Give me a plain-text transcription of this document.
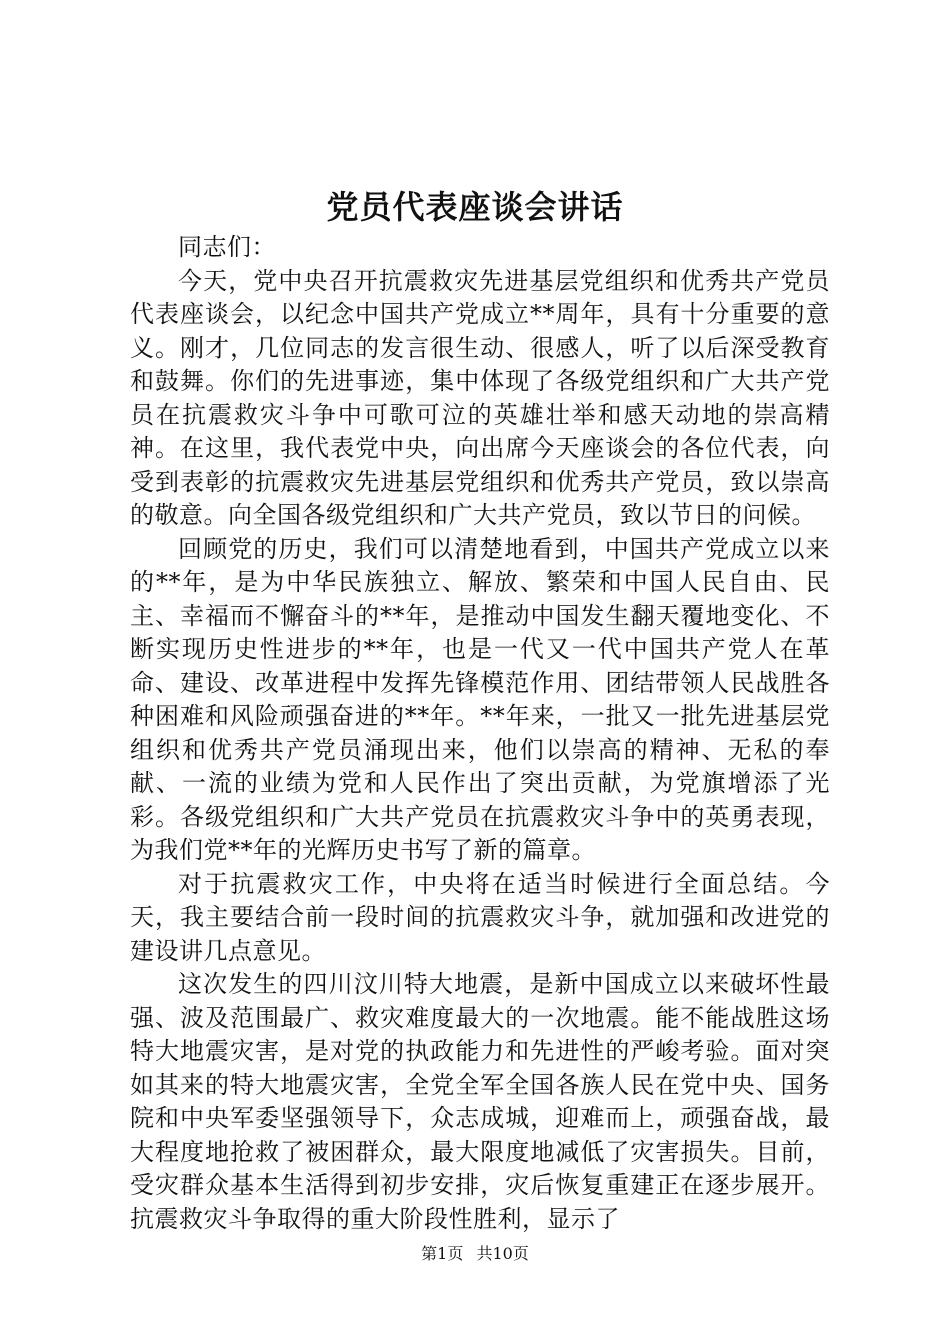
党员代表座谈会讲话

同志们：

今天，党中央召开抗震救灾先进基层党组织和优秀共产党员代表座谈会，以纪念中国共产党成立**周年，具有十分重要的意义。刚才，几位同志的发言很生动、很感人，听了以后深受教育和鼓舞。你们的先进事迹，集中体现了各级党组织和广大共产党员在抗震救灾斗争中可歌可泣的英雄壮举和感天动地的崇高精神。在这里，我代表党中央，向出席今天座谈会的各位代表，向受到表彰的抗震救灾先进基层党组织和优秀共产党员，致以崇高的敬意。向全国各级党组织和广大共产党员，致以节日的问候。

回顾党的历史，我们可以清楚地看到，中国共产党成立以来的**年，是为中华民族独立、解放、繁荣和中国人民自由、民主、幸福而不懈奋斗的**年，是推动中国发生翻天覆地变化、不断实现历史性进步的**年，也是一代又一代中国共产党人在革命、建设、改革进程中发挥先锋模范作用、团结带领人民战胜各种困难和风险顽强奋进的**年。**年来，一批又一批先进基层党组织和优秀共产党员涌现出来，他们以崇高的精神、无私的奉献、一流的业绩为党和人民作出了突出贡献，为党旗增添了光彩。各级党组织和广大共产党员在抗震救灾斗争中的英勇表现，为我们党**年的光辉历史书写了新的篇章。

对于抗震救灾工作，中央将在适当时候进行全面总结。今天，我主要结合前一段时间的抗震救灾斗争，就加强和改进党的建设讲几点意见。

这次发生的四川汶川特大地震，是新中国成立以来破坏性最强、波及范围最广、救灾难度最大的一次地震。能不能战胜这场特大地震灾害，是对党的执政能力和先进性的严峻考验。面对突如其来的特大地震灾害，全党全军全国各族人民在党中央、国务院和中央军委坚强领导下，众志成城，迎难而上，顽强奋战，最大程度地抢救了被困群众，最大限度地减低了灾害损失。目前，受灾群众基本生活得到初步安排，灾后恢复重建正在逐步展开。抗震救灾斗争取得的重大阶段性胜利，显示了

第1页 共10页
